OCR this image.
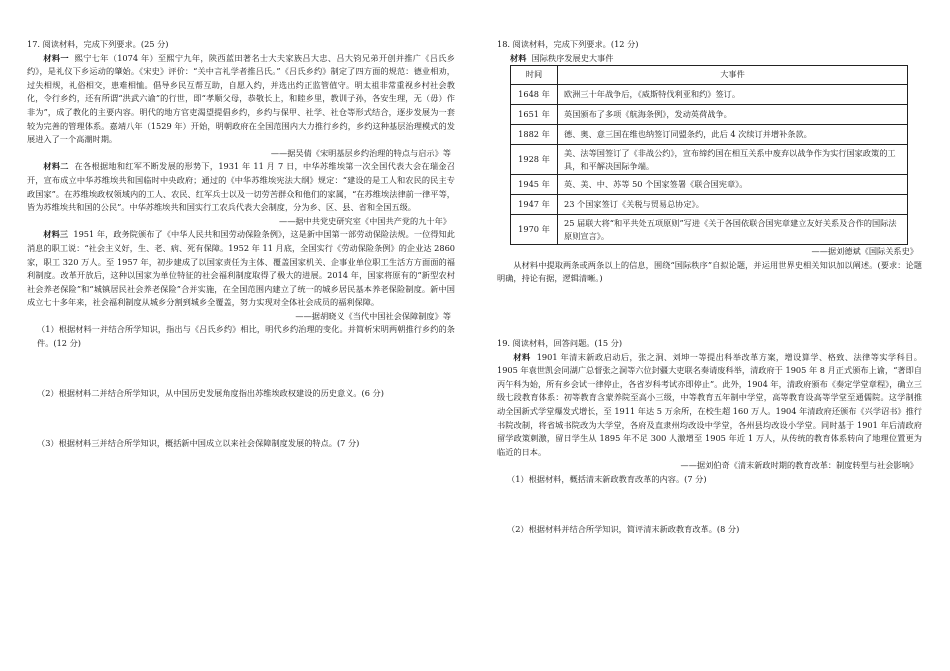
17. 阅读材料，完成下列要求。(25 分)

材料一 熙宁七年（1074 年）至熙宁九年，陕西蓝田著名士大夫家族吕大忠、吕大钧兄弟开创并推广《吕氏乡约》，是礼仪下乡运动的肇始。《宋史》评价：“关中言礼学者推吕氏。”《吕氏乡约》制定了四方面的规范：德业相劝，过失相规，礼俗相交，患难相恤。倡导乡民互帮互助，自愿入约，并选出约正监管值守。明太祖非常重视乡村社会教化，令行乡约，还有所谓“洪武六谕”的行世，即“孝顺父母，恭敬长上，和睦乡里，教训子孙，各安生理，无（毋）作非为”，成了教化的主要内容。明代的地方官吏渴望提倡乡约，乡约与保甲、社学、社仓等形式结合，逐步发展为一套较为完善的管理体系。嘉靖八年（1529 年）开始，明朝政府在全国范围内大力推行乡约，乡约这种基层治理模式的发展进入了一个高潮时期。

——据吴倩《宋明基层乡约治理的特点与启示》等

材料二 在各根据地和红军不断发展的形势下，1931 年 11 月 7 日，中华苏维埃第一次全国代表大会在瑞金召开，宣布成立中华苏维埃共和国临时中央政府；通过的《中华苏维埃宪法大纲》规定：“建设的是工人和农民的民主专政国家”。在苏维埃政权领域内的工人、农民、红军兵士以及一切劳苦群众和他们的家属，“在苏维埃法律前一律平等，皆为苏维埃共和国的公民”。中华苏维埃共和国实行工农兵代表大会制度，分为乡、区、县、省和全国五级。

——据中共党史研究室《中国共产党的九十年》

材料三 1951 年，政务院颁布了《中华人民共和国劳动保险条例》，这是新中国第一部劳动保险法规。一位得知此消息的职工说：“社会主义好，生、老、病、死有保障。1952 年 11 月底，全国实行《劳动保险条例》的企业达 2860 家，职工 320 万人。至 1957 年，初步建成了以国家责任为主体、覆盖国家机关、企事业单位职工生活方方面面的福利制度。改革开放后，这种以国家为单位特征的社会福利制度取得了极大的进展。2014 年，国家将原有的“新型农村社会养老保险”和“城镇居民社会养老保险”合并实施，在全国范围内建立了统一的城乡居民基本养老保险制度。新中国成立七十多年来，社会福利制度从城乡分割到城乡全覆盖，努力实现对全体社会成员的福利保障。

——据胡晓义《当代中国社会保障制度》等

（1）根据材料一并结合所学知识，指出与《吕氏乡约》相比，明代乡约治理的变化。并简析宋明两朝推行乡约的条件。(12 分)

（2）根据材料二并结合所学知识，从中国历史发展角度指出苏维埃政权建设的历史意义。(6 分)

（3）根据材料三并结合所学知识，概括新中国成立以来社会保障制度发展的特点。(7 分)

18. 阅读材料，完成下列要求。(12 分)

材料 国际秩序发展史大事件

时间	大事件
1648 年	欧洲三十年战争后，《威斯特伐利亚和约》签订。
1651 年	英国颁布了多项《航海条例》，发动英荷战争。
1882 年	德、奥、意三国在维也纳签订同盟条约，此后 4 次续订并增补条款。
1928 年	美、法等国签订了《非战公约》，宣布缔约国在相互关系中废弃以战争作为实行国家政策的工具，和平解决国际争端。
1945 年	英、美、中、苏等 50 个国家签署《联合国宪章》。
1947 年	23 个国家签订《关税与贸易总协定》。
1970 年	25 届联大将“和平共处五项原则”写进《关于各国依联合国宪章建立友好关系及合作的国际法原则宣言》。

——据刘德斌《国际关系史》

从材料中提取两条或两条以上的信息，围绕“国际秩序”自拟论题，并运用世界史相关知识加以阐述。(要求：论题明确，持论有据，逻辑清晰。)

19. 阅读材料，回答问题。(15 分)

材料 1901 年清末新政启动后，张之洞、刘坤一等提出科举改革方案，增设算学、格致、法律等实学科目。1905 年袁世凯会同湖广总督张之洞等六位封疆大吏联名奏请废科举，清政府于 1905 年 8 月正式颁布上谕，“著即自丙午科为始，所有乡会试一律停止，各省岁科考试亦即停止”。此外，1904 年，清政府颁布《奏定学堂章程》，确立三级七段教育体系：初等教育含蒙养院至高小三级，中等教育五年制中学堂，高等教育设高等学堂至通儒院。这学制推动全国新式学堂爆发式增长，至 1911 年达 5 万余所，在校生超 160 万人。1904 年清政府还颁布《兴学诏书》推行书院改制，将省城书院改为大学堂，各府及直隶州均改设中学堂，各州县均改设小学堂。同时基于 1901 年后清政府留学政策刺激，留日学生从 1895 年不足 300 人激增至 1905 年近 1 万人，从传统的教育体系转向了地理位置更为临近的日本。

——据刘伯奇《清末新政时期的教育改革：制度转型与社会影响》

（1）根据材料，概括清末新政教育改革的内容。(7 分)

（2）根据材料并结合所学知识，简评清末新政教育改革。(8 分)
